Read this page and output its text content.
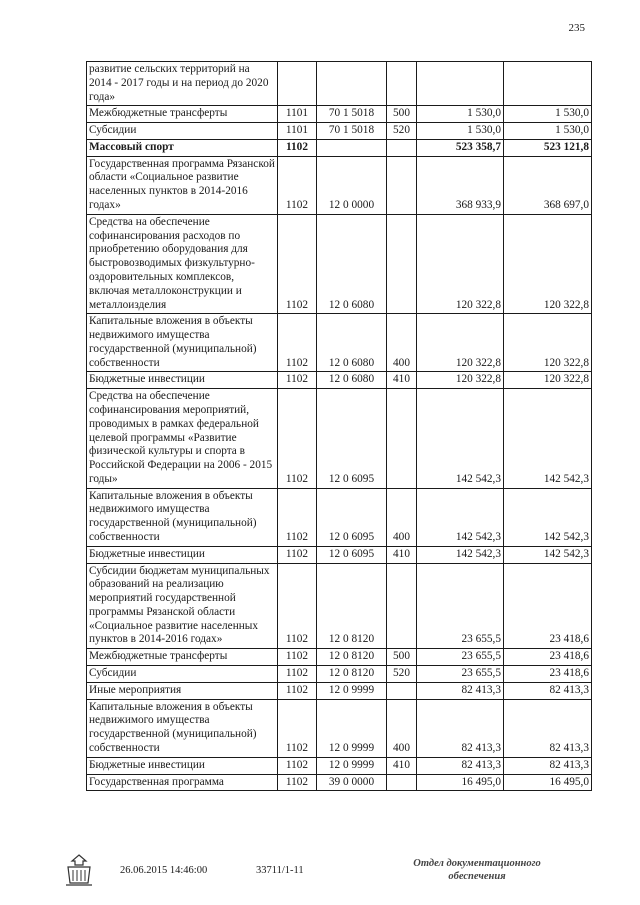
235
развитие сельских территорий на 2014 - 2017 годы и на период до 2020 года»					
Межбюджетные трансферты	1101	70 1 5018	500	1 530,0	1 530,0
Субсидии	1101	70 1 5018	520	1 530,0	1 530,0
Массовый спорт	1102			523 358,7	523 121,8
Государственная программа Рязанской области «Социальное развитие населенных пунктов в 2014-2016 годах»	1102	12 0 0000		368 933,9	368 697,0
Средства на обеспечение софинансирования расходов по приобретению оборудования для быстровозводимых физкультурно-оздоровительных комплексов, включая металлоконструкции и металлоизделия	1102	12 0 6080		120 322,8	120 322,8
Капитальные вложения в объекты недвижимого имущества государственной (муниципальной) собственности	1102	12 0 6080	400	120 322,8	120 322,8
Бюджетные инвестиции	1102	12 0 6080	410	120 322,8	120 322,8
Средства на обеспечение софинансирования мероприятий, проводимых в рамках федеральной целевой программы «Развитие физической культуры и спорта в Российской Федерации на 2006 - 2015 годы»	1102	12 0 6095		142 542,3	142 542,3
Капитальные вложения в объекты недвижимого имущества государственной (муниципальной) собственности	1102	12 0 6095	400	142 542,3	142 542,3
Бюджетные инвестиции	1102	12 0 6095	410	142 542,3	142 542,3
Субсидии бюджетам муниципальных образований на реализацию мероприятий государственной программы Рязанской области «Социальное развитие населенных пунктов в 2014-2016 годах»	1102	12 0 8120		23 655,5	23 418,6
Межбюджетные трансферты	1102	12 0 8120	500	23 655,5	23 418,6
Субсидии	1102	12 0 8120	520	23 655,5	23 418,6
Иные мероприятия	1102	12 0 9999		82 413,3	82 413,3
Капитальные вложения в объекты недвижимого имущества государственной (муниципальной) собственности	1102	12 0 9999	400	82 413,3	82 413,3
Бюджетные инвестиции	1102	12 0 9999	410	82 413,3	82 413,3
Государственная программа	1102	39 0 0000		16 495,0	16 495,0
26.06.2015 14:46:00	33711/1-11
Отдел документационного
обеспечения
